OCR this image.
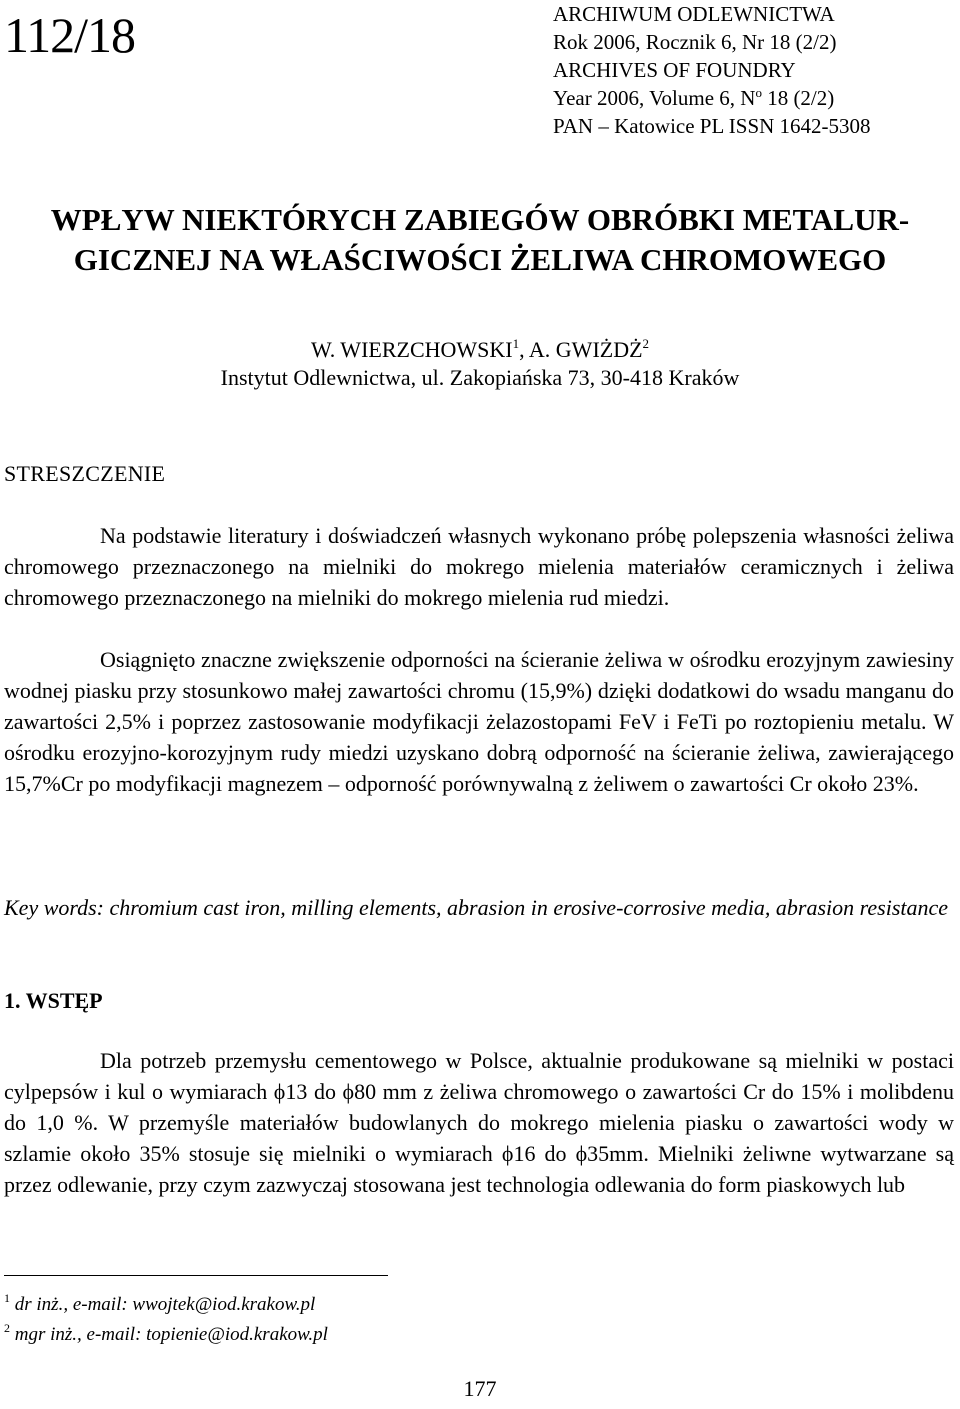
112/18	ARCHIWUM ODLEWNICTWA
Rok 2006, Rocznik 6, Nr 18 (2/2)
ARCHIVES OF FOUNDRY
Year 2006, Volume 6, $N^o$ 18 (2/2)
PAN – Katowice PL ISSN 1642-5308
WPŁYW NIEKTÓRYCH ZABIEGÓW OBRÓBKI METALUR-
GICZNEJ NA WŁAŚCIWOŚCI ŻELIWA CHROMOWEGO
W. WIERZCHOWSKI$^1$, A. GWIŻDŻ$^2$
Instytut Odlewnictwa, ul. Zakopiańska 73, 30-418 Kraków
STRESZCZENIE

Na podstawie literatury i doświadczeń własnych wykonano próbę polepszenia własności żeliwa chromowego przeznaczonego na mielniki do mokrego mielenia materiałów ceramicznych i żeliwa chromowego przeznaczonego na mielniki do mokrego mielenia rud miedzi.

Osiągnięto znaczne zwiększenie odporności na ścieranie żeliwa w ośrodku erozyjnym zawiesiny wodnej piasku przy stosunkowo małej zawartości chromu (15,9%) dzięki dodatkowi do wsadu manganu do zawartości 2,5% i poprzez zastosowanie modyfikacji żelazostopami FeV i FeTi po roztopieniu metalu. W ośrodku erozyjno-korozyjnym rudy miedzi uzyskano dobrą odporność na ścieranie żeliwa, zawierającego 15,7%Cr po modyfikacji magnezem – odporność porównywalną z żeliwem o zawartości Cr około 23%.

Key words: chromium cast iron, milling elements, abrasion in erosive-corrosive media, abrasion resistance
1. WSTĘP

Dla potrzeb przemysłu cementowego w Polsce, aktualnie produkowane są mielniki w postaci cylpepsów i kul o wymiarach ϕ13 do ϕ80 mm z żeliwa chromowego o zawartości Cr do 15% i molibdenu do 1,0 %. W przemyśle materiałów budowlanych do mokrego mielenia piasku o zawartości wody w szlamie około 35% stosuje się mielniki o wymiarach ϕ16 do ϕ35mm. Mielniki żeliwne wytwarzane są przez odlewanie, przy czym zazwyczaj stosowana jest technologia odlewania do form piaskowych lub

$^1$ dr inż., e-mail: wwojtek@iod.krakow.pl
$^2$ mgr inż., e-mail: topienie@iod.krakow.pl
177
